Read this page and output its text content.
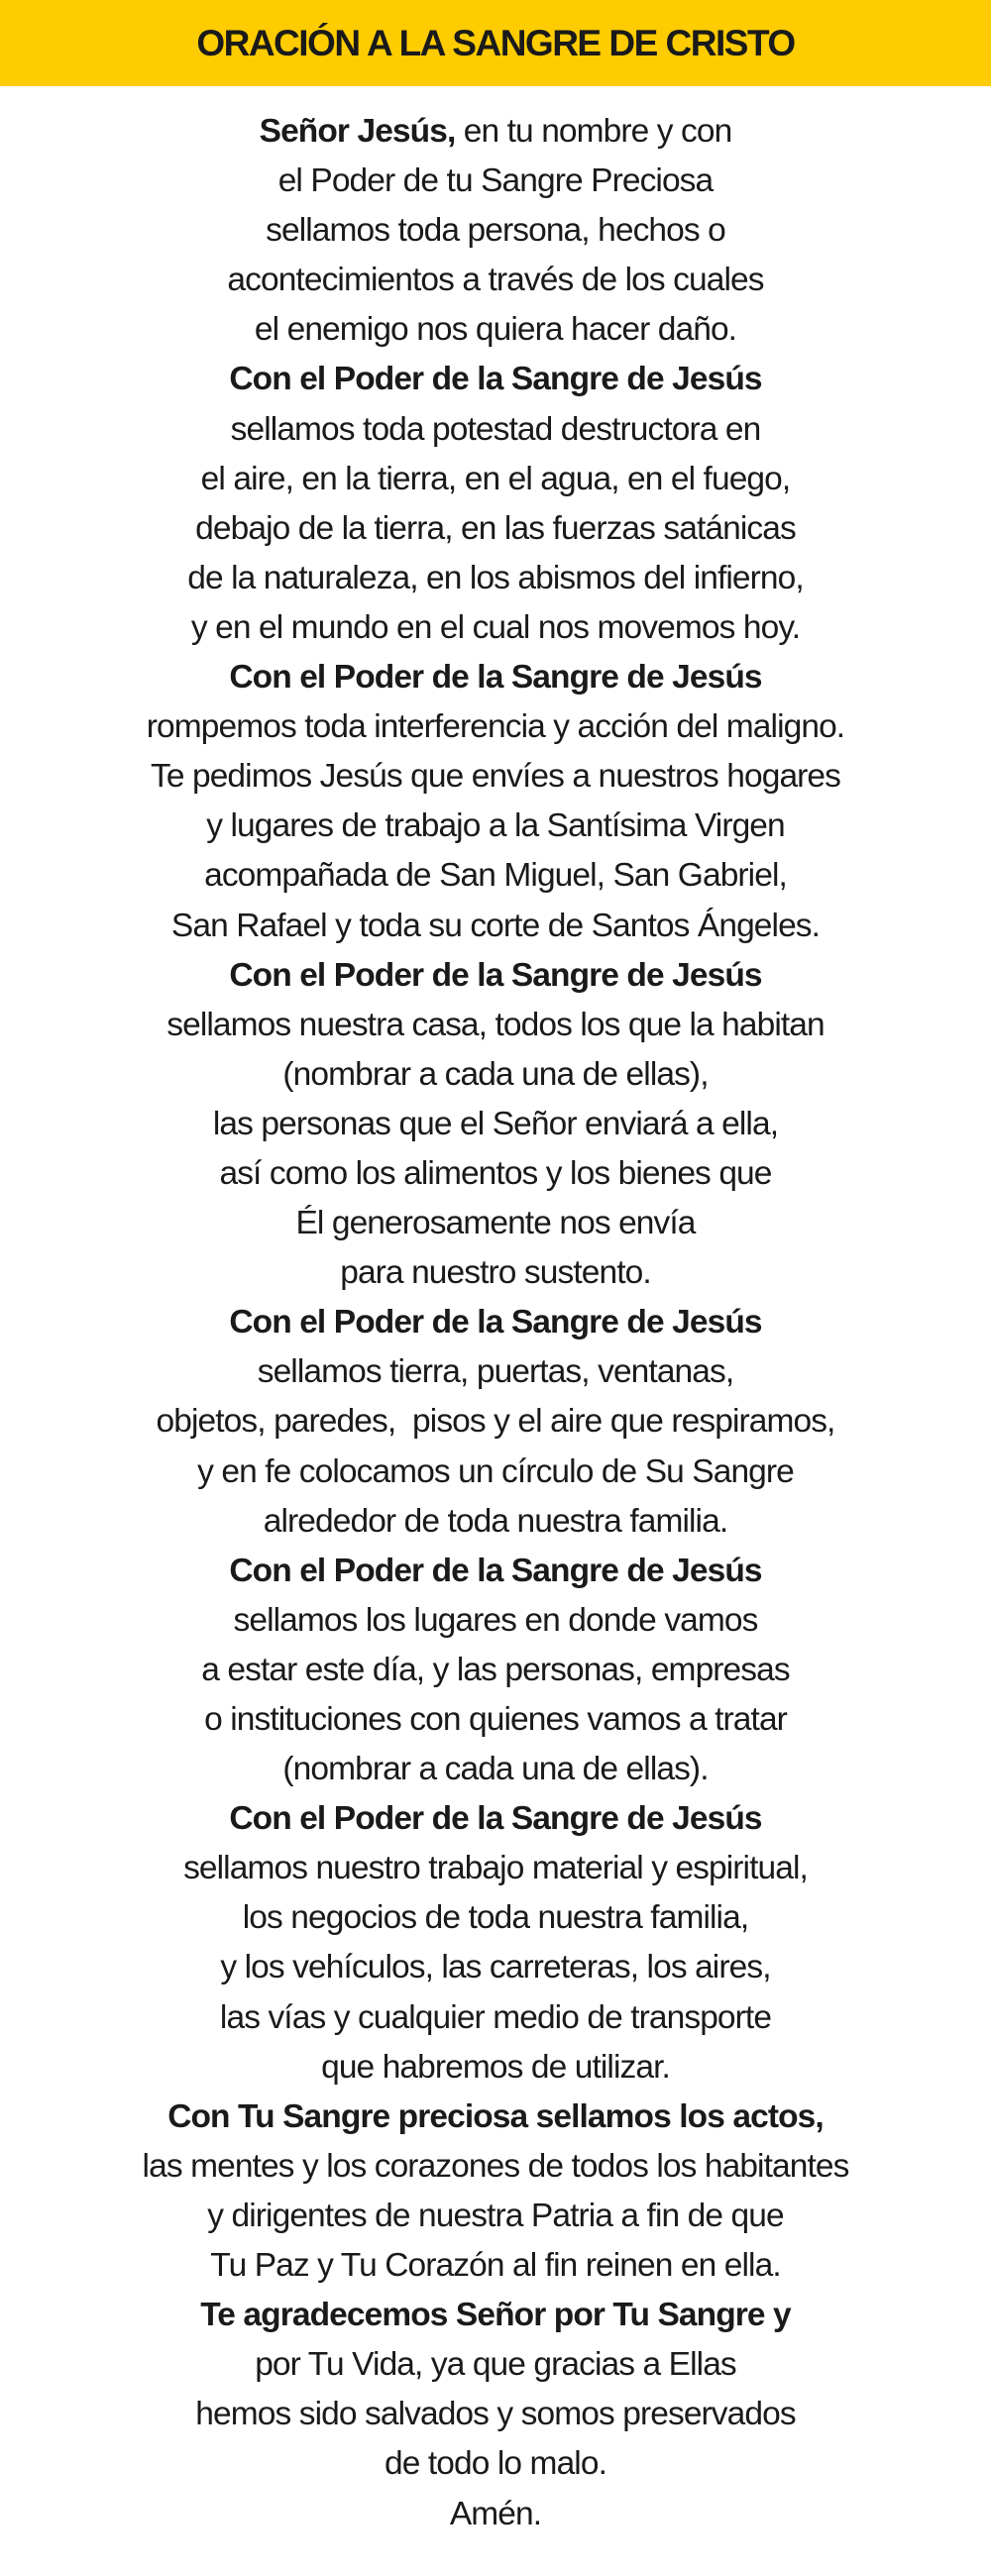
ORACIÓN A LA SANGRE DE CRISTO
Señor Jesús, en tu nombre y con
el Poder de tu Sangre Preciosa
sellamos toda persona, hechos o
acontecimientos a través de los cuales
el enemigo nos quiera hacer daño.
Con el Poder de la Sangre de Jesús
sellamos toda potestad destructora en
el aire, en la tierra, en el agua, en el fuego,
debajo de la tierra, en las fuerzas satánicas
de la naturaleza, en los abismos del infierno,
y en el mundo en el cual nos movemos hoy.
Con el Poder de la Sangre de Jesús
rompemos toda interferencia y acción del maligno.
Te pedimos Jesús que envíes a nuestros hogares
y lugares de trabajo a la Santísima Virgen
acompañada de San Miguel, San Gabriel,
San Rafael y toda su corte de Santos Ángeles.
Con el Poder de la Sangre de Jesús
sellamos nuestra casa, todos los que la habitan
(nombrar a cada una de ellas),
las personas que el Señor enviará a ella,
así como los alimentos y los bienes que
Él generosamente nos envía
para nuestro sustento.
Con el Poder de la Sangre de Jesús
sellamos tierra, puertas, ventanas,
objetos, paredes,  pisos y el aire que respiramos,
y en fe colocamos un círculo de Su Sangre
alrededor de toda nuestra familia.
Con el Poder de la Sangre de Jesús
sellamos los lugares en donde vamos
a estar este día, y las personas, empresas
o instituciones con quienes vamos a tratar
(nombrar a cada una de ellas).
Con el Poder de la Sangre de Jesús
sellamos nuestro trabajo material y espiritual,
los negocios de toda nuestra familia,
y los vehículos, las carreteras, los aires,
las vías y cualquier medio de transporte
que habremos de utilizar.
Con Tu Sangre preciosa sellamos los actos,
las mentes y los corazones de todos los habitantes
y dirigentes de nuestra Patria a fin de que
Tu Paz y Tu Corazón al fin reinen en ella.
Te agradecemos Señor por Tu Sangre y
por Tu Vida, ya que gracias a Ellas
hemos sido salvados y somos preservados
de todo lo malo.
Amén.
